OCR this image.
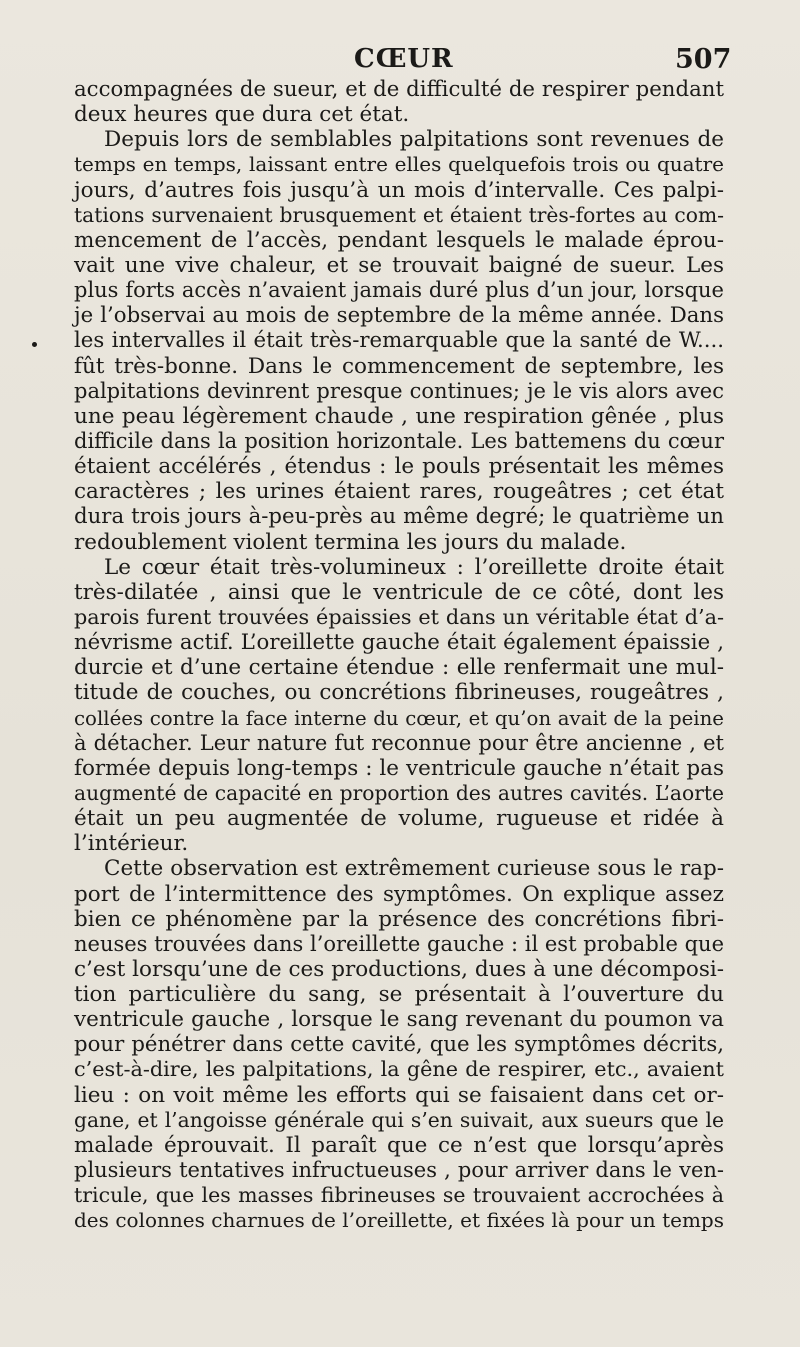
CŒUR	507
accompagnées de sueur, et de difficulté de respirer pendant
deux heures que dura cet état.
Depuis lors de semblables palpitations sont revenues de
temps en temps, laissant entre elles quelquefois trois ou quatre
jours, d’autres fois jusqu’à un mois d’intervalle. Ces palpi-
tations survenaient brusquement et étaient très-fortes au com-
mencement de l’accès, pendant lesquels le malade éprou-
vait une vive chaleur, et se trouvait baigné de sueur. Les
plus forts accès n’avaient jamais duré plus d’un jour, lorsque
je l’observai au mois de septembre de la même année. Dans
les intervalles il était très-remarquable que la santé de W....
fût très-bonne. Dans le commencement de septembre, les
palpitations devinrent presque continues; je le vis alors avec
une peau légèrement chaude , une respiration gênée , plus
difficile dans la position horizontale. Les battemens du cœur
étaient accélérés , étendus : le pouls présentait les mêmes
caractères ; les urines étaient rares, rougeâtres ; cet état
dura trois jours à-peu-près au même degré; le quatrième un
redoublement violent termina les jours du malade.
Le cœur était très-volumineux : l’oreillette droite était
très-dilatée , ainsi que le ventricule de ce côté, dont les
parois furent trouvées épaissies et dans un véritable état d’a-
névrisme actif. L’oreillette gauche était également épaissie ,
durcie et d’une certaine étendue : elle renfermait une mul-
titude de couches, ou concrétions fibrineuses, rougeâtres ,
collées contre la face interne du cœur, et qu’on avait de la peine
à détacher. Leur nature fut reconnue pour être ancienne , et
formée depuis long-temps : le ventricule gauche n’était pas
augmenté de capacité en proportion des autres cavités. L’aorte
était un peu augmentée de volume, rugueuse et ridée à
l’intérieur.
Cette observation est extrêmement curieuse sous le rap-
port de l’intermittence des symptômes. On explique assez
bien ce phénomène par la présence des concrétions fibri-
neuses trouvées dans l’oreillette gauche : il est probable que
c’est lorsqu’une de ces productions, dues à une décomposi-
tion particulière du sang, se présentait à l’ouverture du
ventricule gauche , lorsque le sang revenant du poumon va
pour pénétrer dans cette cavité, que les symptômes décrits,
c’est-à-dire, les palpitations, la gêne de respirer, etc., avaient
lieu : on voit même les efforts qui se faisaient dans cet or-
gane, et l’angoisse générale qui s’en suivait, aux sueurs que le
malade éprouvait. Il paraît que ce n’est que lorsqu’après
plusieurs tentatives infructueuses , pour arriver dans le ven-
tricule, que les masses fibrineuses se trouvaient accrochées à
des colonnes charnues de l’oreillette, et fixées là pour un temps
